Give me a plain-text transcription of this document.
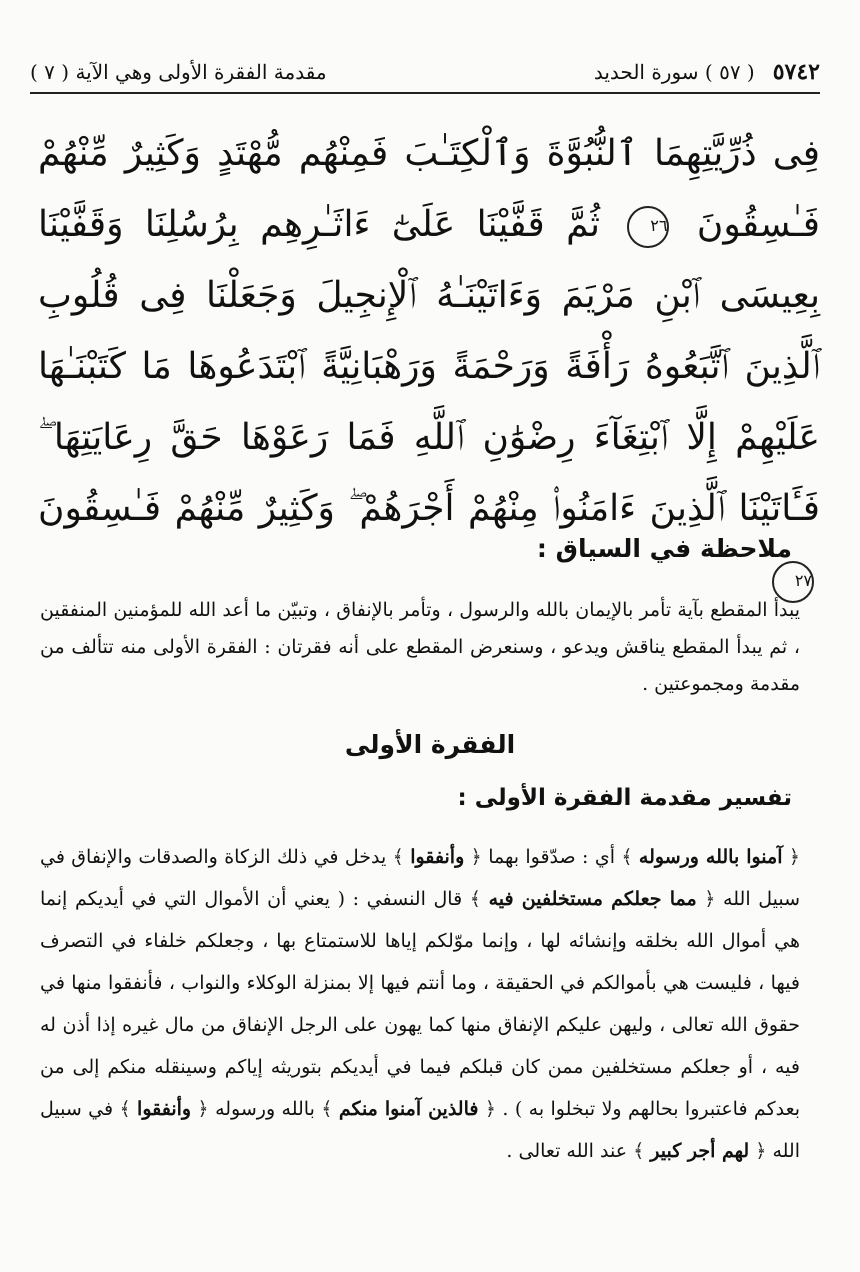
٥٧٤٢
( ٥٧ ) سورة الحديد
مقدمة الفقرة الأولى وهي الآية ( ٧ )
فِى ذُرِّيَّتِهِمَا ٱلنُّبُوَّةَ وَٱلْكِتَـٰبَ فَمِنْهُم مُّهْتَدٍ وَكَثِيرٌ مِّنْهُمْ فَـٰسِقُونَ ٢٦ ثُمَّ قَفَّيْنَا عَلَىٰٓ ءَاثَـٰرِهِم بِرُسُلِنَا وَقَفَّيْنَا بِعِيسَى ٱبْنِ مَرْيَمَ وَءَاتَيْنَـٰهُ ٱلْإِنجِيلَ وَجَعَلْنَا فِى قُلُوبِ ٱلَّذِينَ ٱتَّبَعُوهُ رَأْفَةً وَرَحْمَةً وَرَهْبَانِيَّةً ٱبْتَدَعُوهَا مَا كَتَبْنَـٰهَا عَلَيْهِمْ إِلَّا ٱبْتِغَآءَ رِضْوَٰنِ ٱللَّهِ فَمَا رَعَوْهَا حَقَّ رِعَايَتِهَا ۖ فَـَٔاتَيْنَا ٱلَّذِينَ ءَامَنُوا۟ مِنْهُمْ أَجْرَهُمْ ۖ وَكَثِيرٌ مِّنْهُمْ فَـٰسِقُونَ ٢٧
ملاحظة في السياق :
يبدأ المقطع بآية تأمر بالإيمان بالله والرسول ، وتأمر بالإنفاق ، وتبيّن ما أعد الله للمؤمنين المنفقين ، ثم يبدأ المقطع يناقش ويدعو ، وسنعرض المقطع على أنه فقرتان : الفقرة الأولى منه تتألف من مقدمة ومجموعتين .
الفقرة الأولى
تفسير مقدمة الفقرة الأولى :
﴿ آمنوا بالله ورسوله ﴾ أي : صدّقوا بهما ﴿ وأنفقوا ﴾ يدخل في ذلك الزكاة والصدقات والإنفاق في سبيل الله ﴿ مما جعلكم مستخلفين فيه ﴾ قال النسفي : ( يعني أن الأموال التي في أيديكم إنما هي أموال الله بخلقه وإنشائه لها ، وإنما موّلكم إياها للاستمتاع بها ، وجعلكم خلفاء في التصرف فيها ، فليست هي بأموالكم في الحقيقة ، وما أنتم فيها إلا بمنزلة الوكلاء والنواب ، فأنفقوا منها في حقوق الله تعالى ، وليهن عليكم الإنفاق منها كما يهون على الرجل الإنفاق من مال غيره إذا أذن له فيه ، أو جعلكم مستخلفين ممن كان قبلكم فيما في أيديكم بتوريثه إياكم وسينقله منكم إلى من بعدكم فاعتبروا بحالهم ولا تبخلوا به ) . ﴿ فالذين آمنوا منكم ﴾ بالله ورسوله ﴿ وأنفقوا ﴾ في سبيل الله ﴿ لهم أجر كبير ﴾ عند الله تعالى .
